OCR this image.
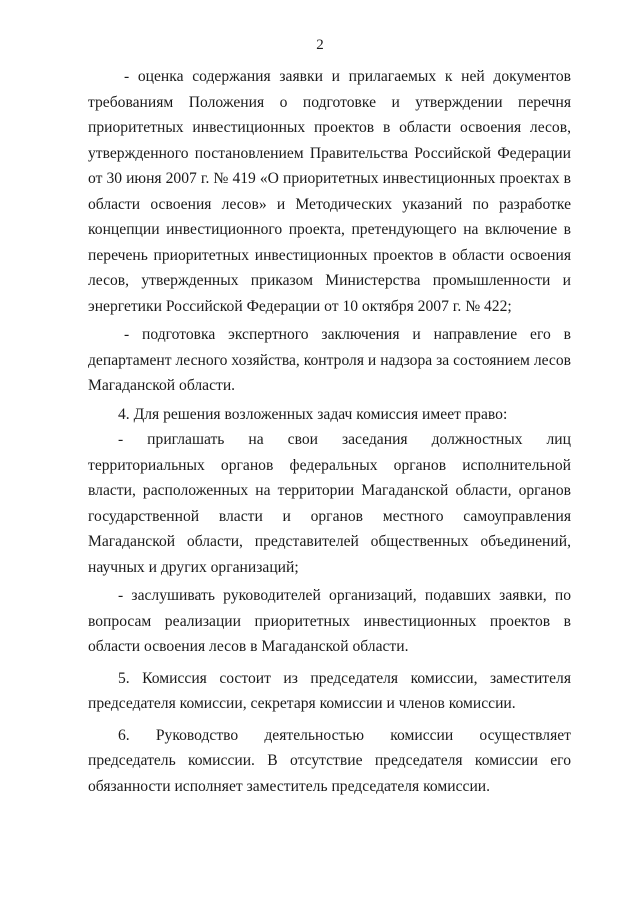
2

- оценка содержания заявки и прилагаемых к ней документов требованиям Положения о подготовке и утверждении перечня приоритетных инвестиционных проектов в области освоения лесов, утвержденного постановлением Правительства Российской Федерации от 30 июня 2007 г. № 419 «О приоритетных инвестиционных проектах в области освоения лесов» и Методических указаний по разработке концепции инвестиционного проекта, претендующего на включение в перечень приоритетных инвестиционных проектов в области освоения лесов, утвержденных приказом Министерства промышленности и энергетики Российской Федерации от 10 октября 2007 г. № 422;

- подготовка экспертного заключения и направление его в департамент лесного хозяйства, контроля и надзора за состоянием лесов Магаданской области.

4. Для решения возложенных задач комиссия имеет право:

- приглашать на свои заседания должностных лиц территориальных органов федеральных органов исполнительной власти, расположенных на территории Магаданской области, органов государственной власти и органов местного самоуправления Магаданской области, представителей общественных объединений, научных и других организаций;

- заслушивать руководителей организаций, подавших заявки, по вопросам реализации приоритетных инвестиционных проектов в области освоения лесов в Магаданской области.

5. Комиссия состоит из председателя комиссии, заместителя председателя комиссии, секретаря комиссии и членов комиссии.

6. Руководство деятельностью комиссии осуществляет председатель комиссии. В отсутствие председателя комиссии его обязанности исполняет заместитель председателя комиссии.
